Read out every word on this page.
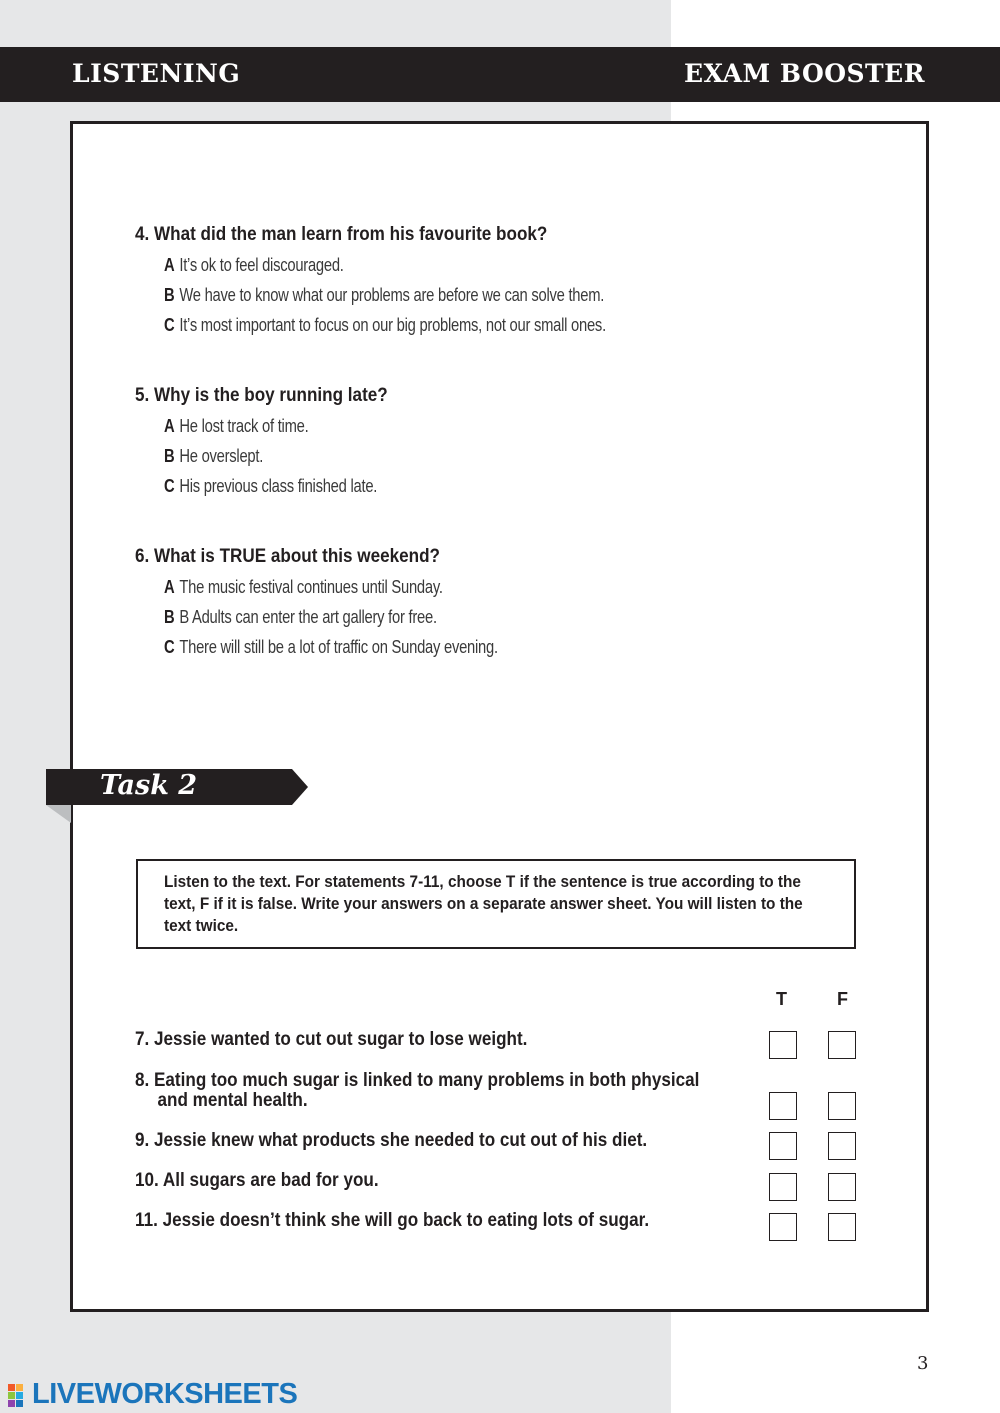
LISTENING	EXAM BOOSTER
4. What did the man learn from his favourite book?
A It’s ok to feel discouraged.
B We have to know what our problems are before we can solve them.
C It’s most important to focus on our big problems, not our small ones.
5. Why is the boy running late?
A He lost track of time.
B He overslept.
C His previous class finished late.
6. What is TRUE about this weekend?
A The music festival continues until Sunday.
B B Adults can enter the art gallery for free.
C There will still be a lot of traffic on Sunday evening.
Task 2
Listen to the text. For statements 7-11, choose T if the sentence is true according to the
text, F if it is false. Write your answers on a separate answer sheet. You will listen to the
text twice.
T	F
7. Jessie wanted to cut out sugar to lose weight.
8. Eating too much sugar is linked to many problems in both physical
and mental health.
9. Jessie knew what products she needed to cut out of his diet.
10. All sugars are bad for you.
11. Jessie doesn’t think she will go back to eating lots of sugar.
3
LIVEWORKSHEETS
